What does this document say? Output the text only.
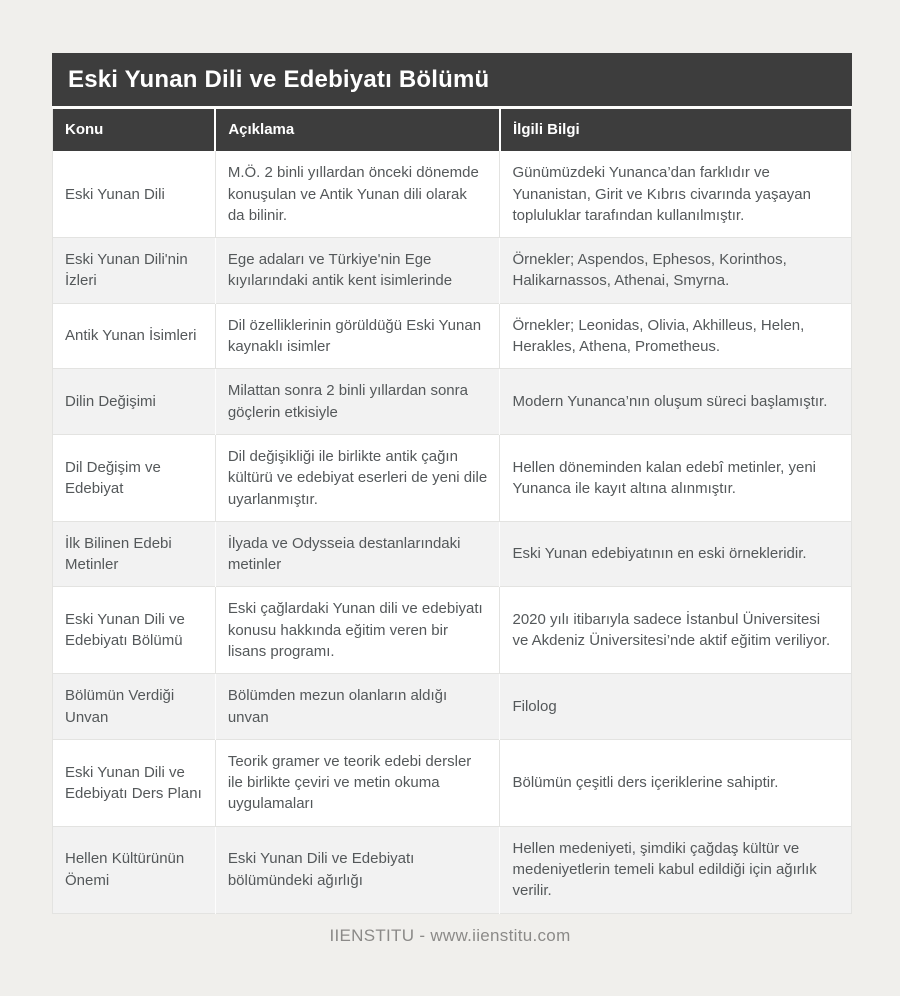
Eski Yunan Dili ve Edebiyatı Bölümü
Konu	Açıklama	İlgili Bilgi
Eski Yunan Dili	M.Ö. 2 binli yıllardan önceki dönemde konuşulan ve Antik Yunan dili olarak da bilinir.	Günümüzdeki Yunanca’dan farklıdır ve Yunanistan, Girit ve Kıbrıs civarında yaşayan topluluklar tarafından kullanılmıştır.
Eski Yunan Dili'nin İzleri	Ege adaları ve Türkiye'nin Ege kıyılarındaki antik kent isimlerinde	Örnekler; Aspendos, Ephesos, Korinthos, Halikarnassos, Athenai, Smyrna.
Antik Yunan İsimleri	Dil özelliklerinin görüldüğü Eski Yunan kaynaklı isimler	Örnekler; Leonidas, Olivia, Akhilleus, Helen, Herakles, Athena, Prometheus.
Dilin Değişimi	Milattan sonra 2 binli yıllardan sonra göçlerin etkisiyle	Modern Yunanca’nın oluşum süreci başlamıştır.
Dil Değişim ve Edebiyat	Dil değişikliği ile birlikte antik çağın kültürü ve edebiyat eserleri de yeni dile uyarlanmıştır.	Hellen döneminden kalan edebî metinler, yeni Yunanca ile kayıt altına alınmıştır.
İlk Bilinen Edebi Metinler	İlyada ve Odysseia destanlarındaki metinler	Eski Yunan edebiyatının en eski örnekleridir.
Eski Yunan Dili ve Edebiyatı Bölümü	Eski çağlardaki Yunan dili ve edebiyatı konusu hakkında eğitim veren bir lisans programı.	2020 yılı itibarıyla sadece İstanbul Üniversitesi ve Akdeniz Üniversitesi’nde aktif eğitim veriliyor.
Bölümün Verdiği Unvan	Bölümden mezun olanların aldığı unvan	Filolog
Eski Yunan Dili ve Edebiyatı Ders Planı	Teorik gramer ve teorik edebi dersler ile birlikte çeviri ve metin okuma uygulamaları	Bölümün çeşitli ders içeriklerine sahiptir.
Hellen Kültürünün Önemi	Eski Yunan Dili ve Edebiyatı bölümündeki ağırlığı	Hellen medeniyeti, şimdiki çağdaş kültür ve medeniyetlerin temeli kabul edildiği için ağırlık verilir.
IIENSTITU - www.iienstitu.com
